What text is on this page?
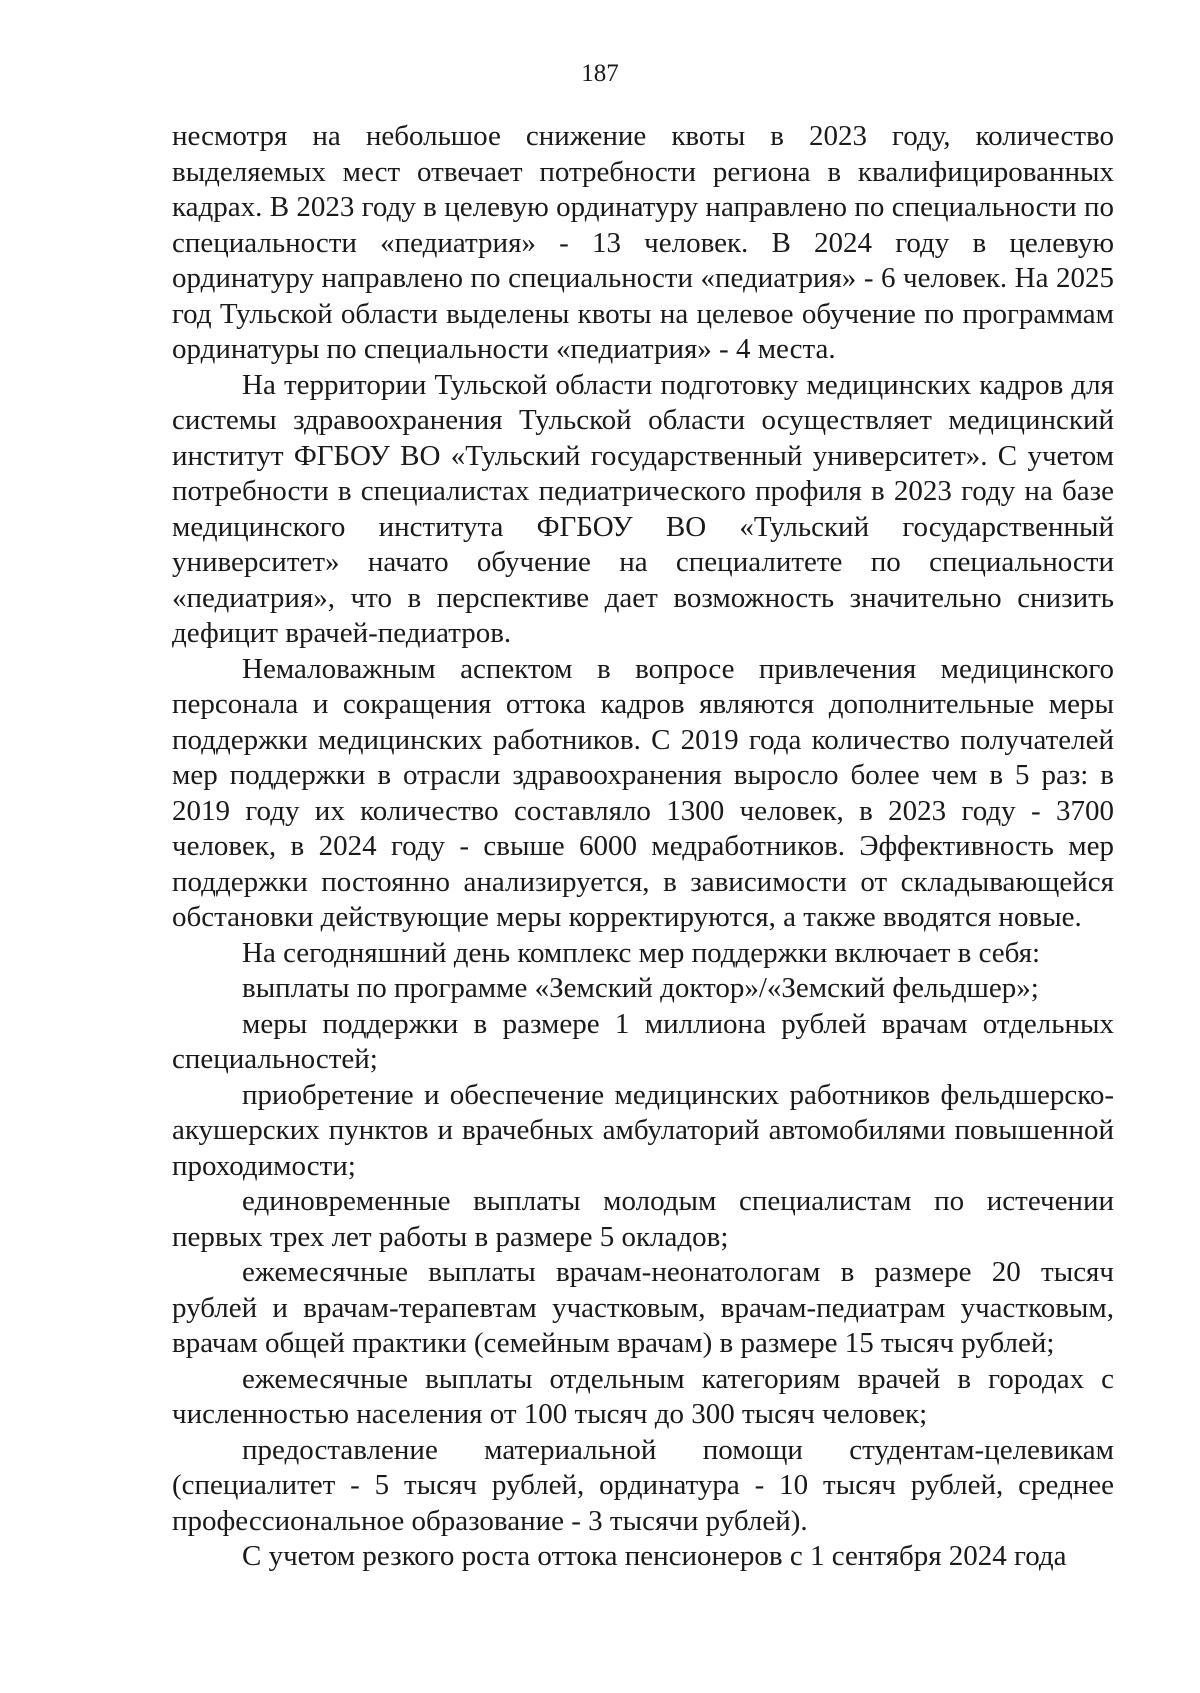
187

несмотря на небольшое снижение квоты в 2023 году, количество выделяемых мест отвечает потребности региона в квалифицированных кадрах. В 2023 году в целевую ординатуру направлено по специальности по специальности «педиатрия» - 13 человек. В 2024 году в целевую ординатуру направлено по специальности «педиатрия» - 6 человек. На 2025 год Тульской области выделены квоты на целевое обучение по программам ординатуры по специальности «педиатрия» - 4 места.

На территории Тульской области подготовку медицинских кадров для системы здравоохранения Тульской области осуществляет медицинский институт ФГБОУ ВО «Тульский государственный университет». С учетом потребности в специалистах педиатрического профиля в 2023 году на базе медицинского института ФГБОУ ВО «Тульский государственный университет» начато обучение на специалитете по специальности «педиатрия», что в перспективе дает возможность значительно снизить дефицит врачей-педиатров.

Немаловажным аспектом в вопросе привлечения медицинского персонала и сокращения оттока кадров являются дополнительные меры поддержки медицинских работников. С 2019 года количество получателей мер поддержки в отрасли здравоохранения выросло более чем в 5 раз: в 2019 году их количество составляло 1300 человек, в 2023 году - 3700 человек, в 2024 году - свыше 6000 медработников. Эффективность мер поддержки постоянно анализируется, в зависимости от складывающейся обстановки действующие меры корректируются, а также вводятся новые.

На сегодняшний день комплекс мер поддержки включает в себя:

выплаты по программе «Земский доктор»/«Земский фельдшер»;

меры поддержки в размере 1 миллиона рублей врачам отдельных специальностей;

приобретение и обеспечение медицинских работников фельдшерско-акушерских пунктов и врачебных амбулаторий автомобилями повышенной проходимости;

единовременные выплаты молодым специалистам по истечении первых трех лет работы в размере 5 окладов;

ежемесячные выплаты врачам-неонатологам в размере 20 тысяч рублей и врачам-терапевтам участковым, врачам-педиатрам участковым, врачам общей практики (семейным врачам) в размере 15 тысяч рублей;

ежемесячные выплаты отдельным категориям врачей в городах с численностью населения от 100 тысяч до 300 тысяч человек;

предоставление материальной помощи студентам-целевикам (специалитет - 5 тысяч рублей, ординатура - 10 тысяч рублей, среднее профессиональное образование - 3 тысячи рублей).

С учетом резкого роста оттока пенсионеров с 1 сентября 2024 года
